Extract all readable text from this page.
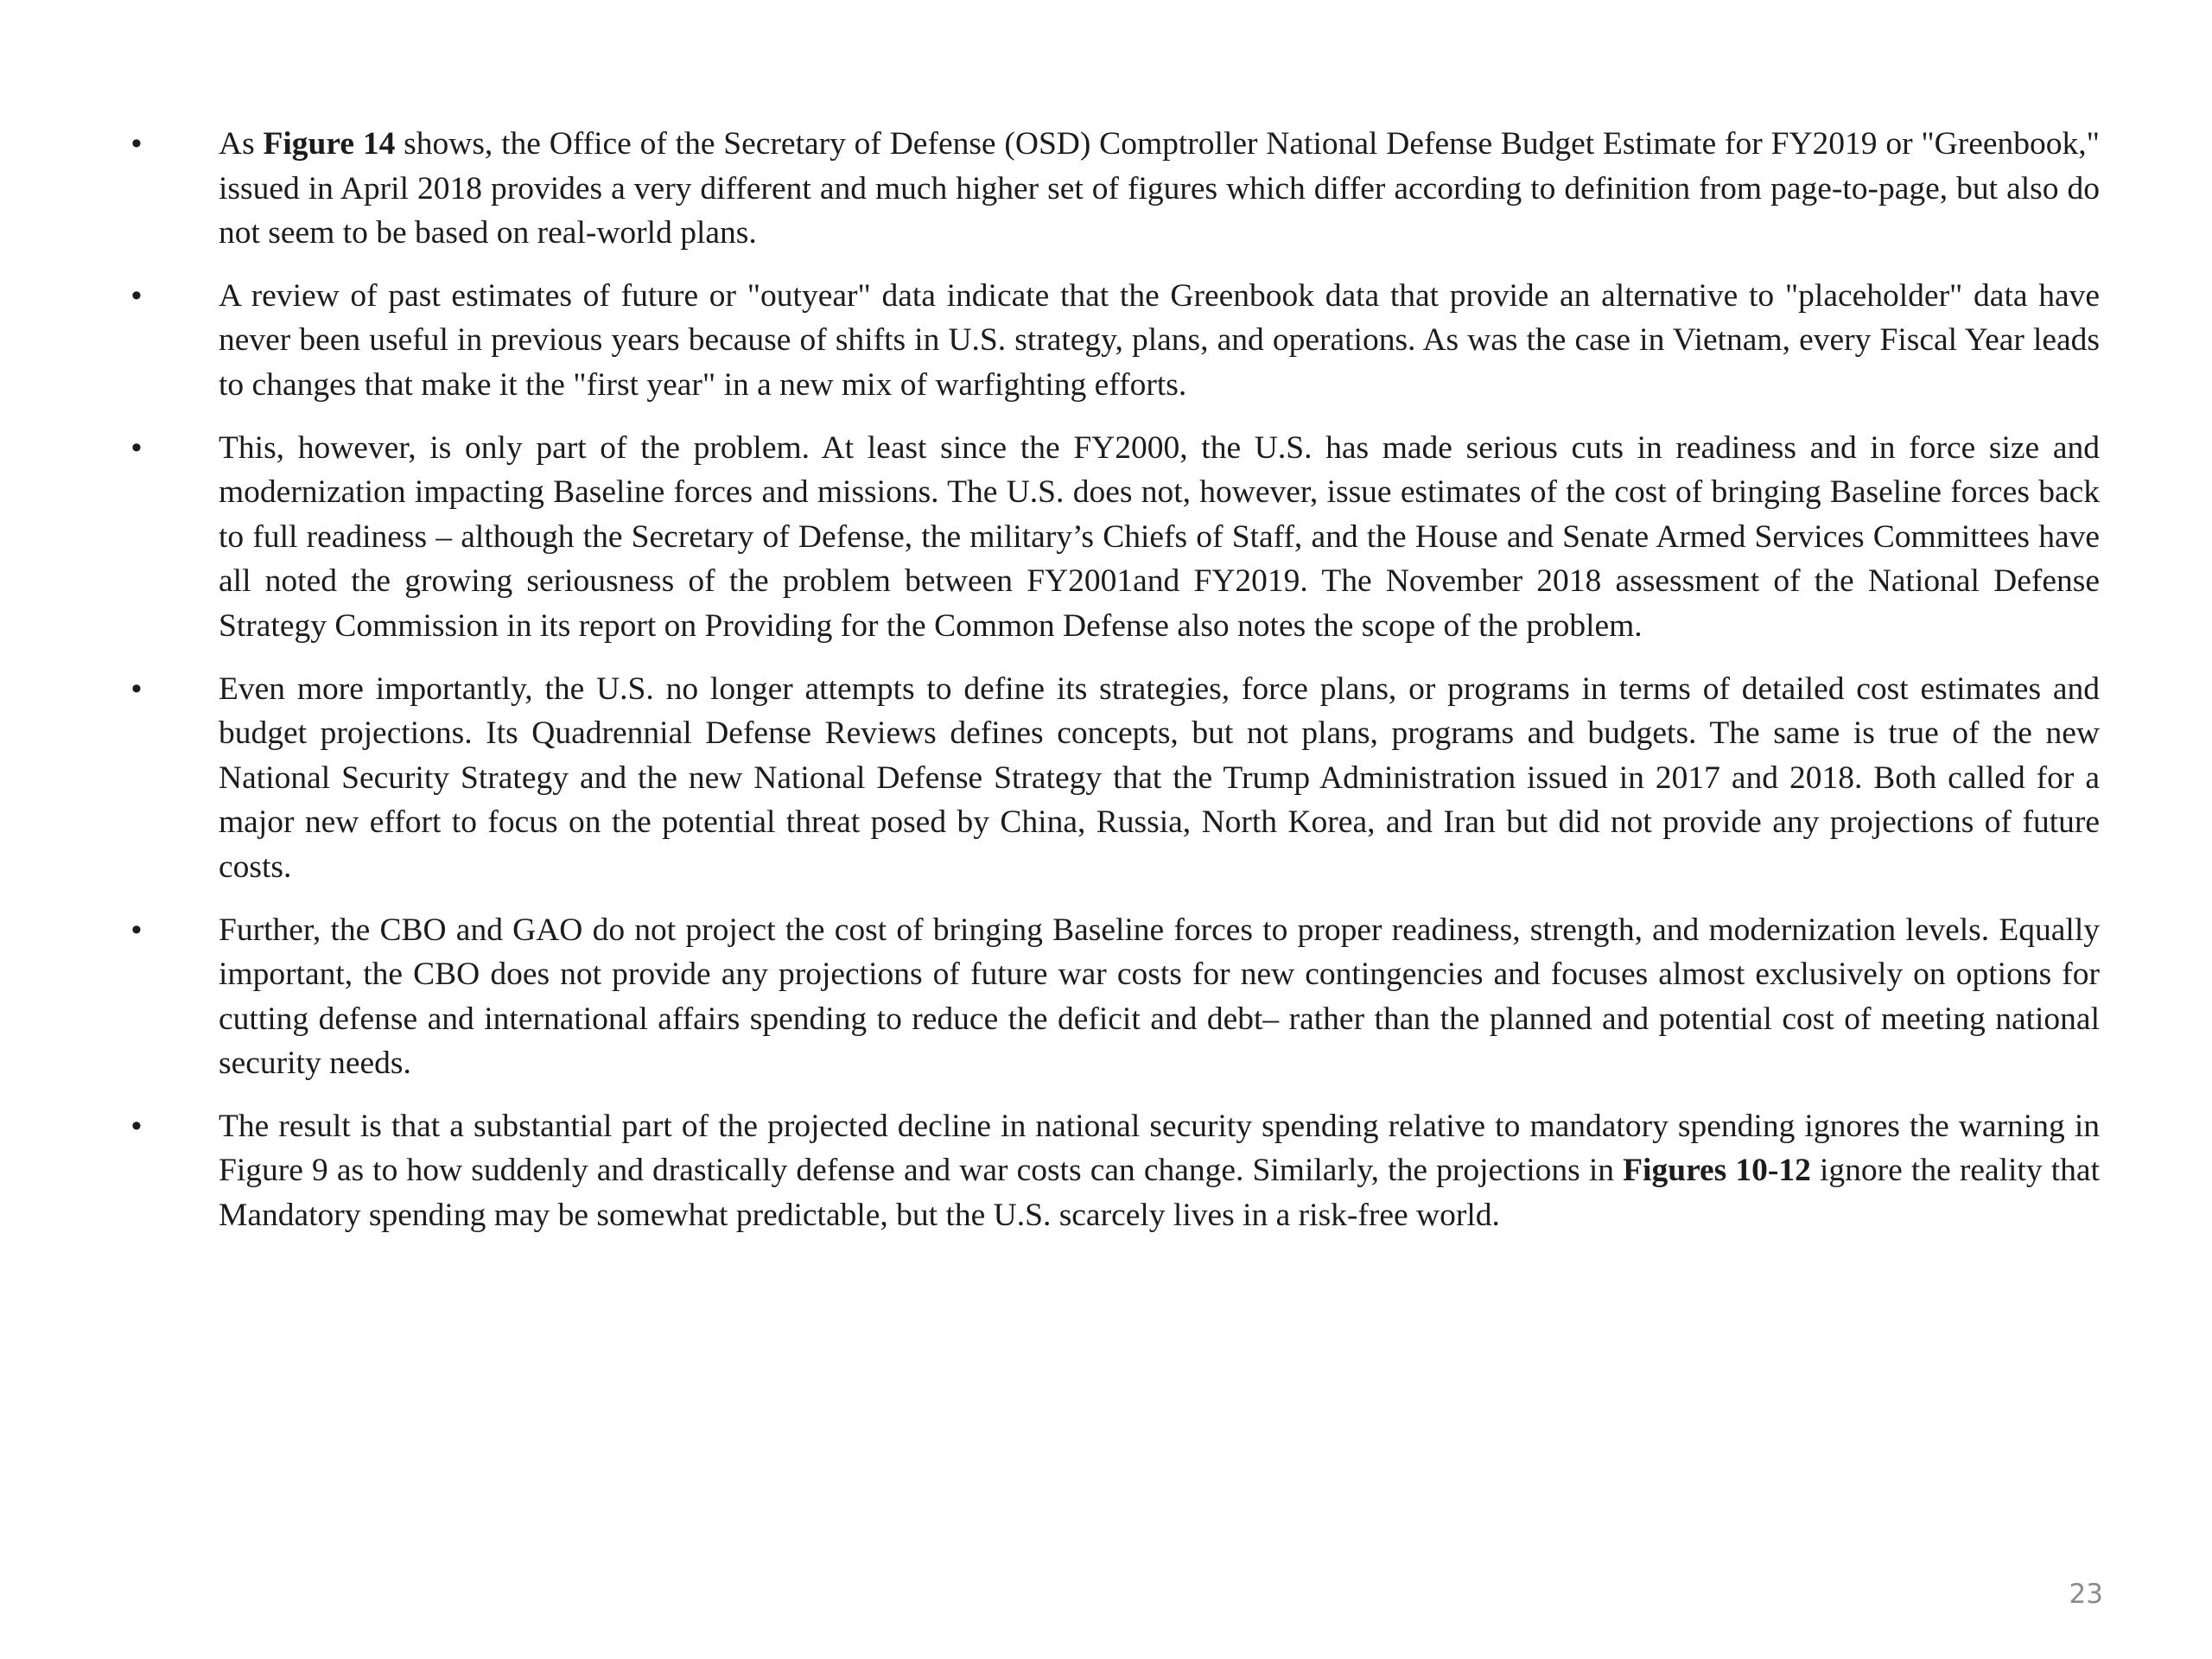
•	As Figure 14 shows, the Office of the Secretary of Defense (OSD) Comptroller National Defense Budget Estimate for FY2019 or "Greenbook," issued in April 2018 provides a very different and much higher set of figures which differ according to definition from page-to-page, but also do not seem to be based on real-world plans.
•	A review of past estimates of future or "outyear" data indicate that the Greenbook data that provide an alternative to "placeholder" data have never been useful in previous years because of shifts in U.S. strategy, plans, and operations. As was the case in Vietnam, every Fiscal Year leads to changes that make it the "first year" in a new mix of warfighting efforts.
•	This, however, is only part of the problem. At least since the FY2000, the U.S. has made serious cuts in readiness and in force size and modernization impacting Baseline forces and missions. The U.S. does not, however, issue estimates of the cost of bringing Baseline forces back to full readiness – although the Secretary of Defense, the military’s Chiefs of Staff, and the House and Senate Armed Services Committees have all noted the growing seriousness of the problem between FY2001and FY2019. The November 2018 assessment of the National Defense Strategy Commission in its report on Providing for the Common Defense also notes the scope of the problem.
•	Even more importantly, the U.S. no longer attempts to define its strategies, force plans, or programs in terms of detailed cost estimates and budget projections. Its Quadrennial Defense Reviews defines concepts, but not plans, programs and budgets. The same is true of the new National Security Strategy and the new National Defense Strategy that the Trump Administration issued in 2017 and 2018. Both called for a major new effort to focus on the potential threat posed by China, Russia, North Korea, and Iran but did not provide any projections of future costs.
•	Further, the CBO and GAO do not project the cost of bringing Baseline forces to proper readiness, strength, and modernization levels. Equally important, the CBO does not provide any projections of future war costs for new contingencies and focuses almost exclusively on options for cutting defense and international affairs spending to reduce the deficit and debt– rather than the planned and potential cost of meeting national security needs.
•	The result is that a substantial part of the projected decline in national security spending relative to mandatory spending ignores the warning in Figure 9 as to how suddenly and drastically defense and war costs can change. Similarly, the projections in Figures 10-12 ignore the reality that Mandatory spending may be somewhat predictable, but the U.S. scarcely lives in a risk-free world.
23
